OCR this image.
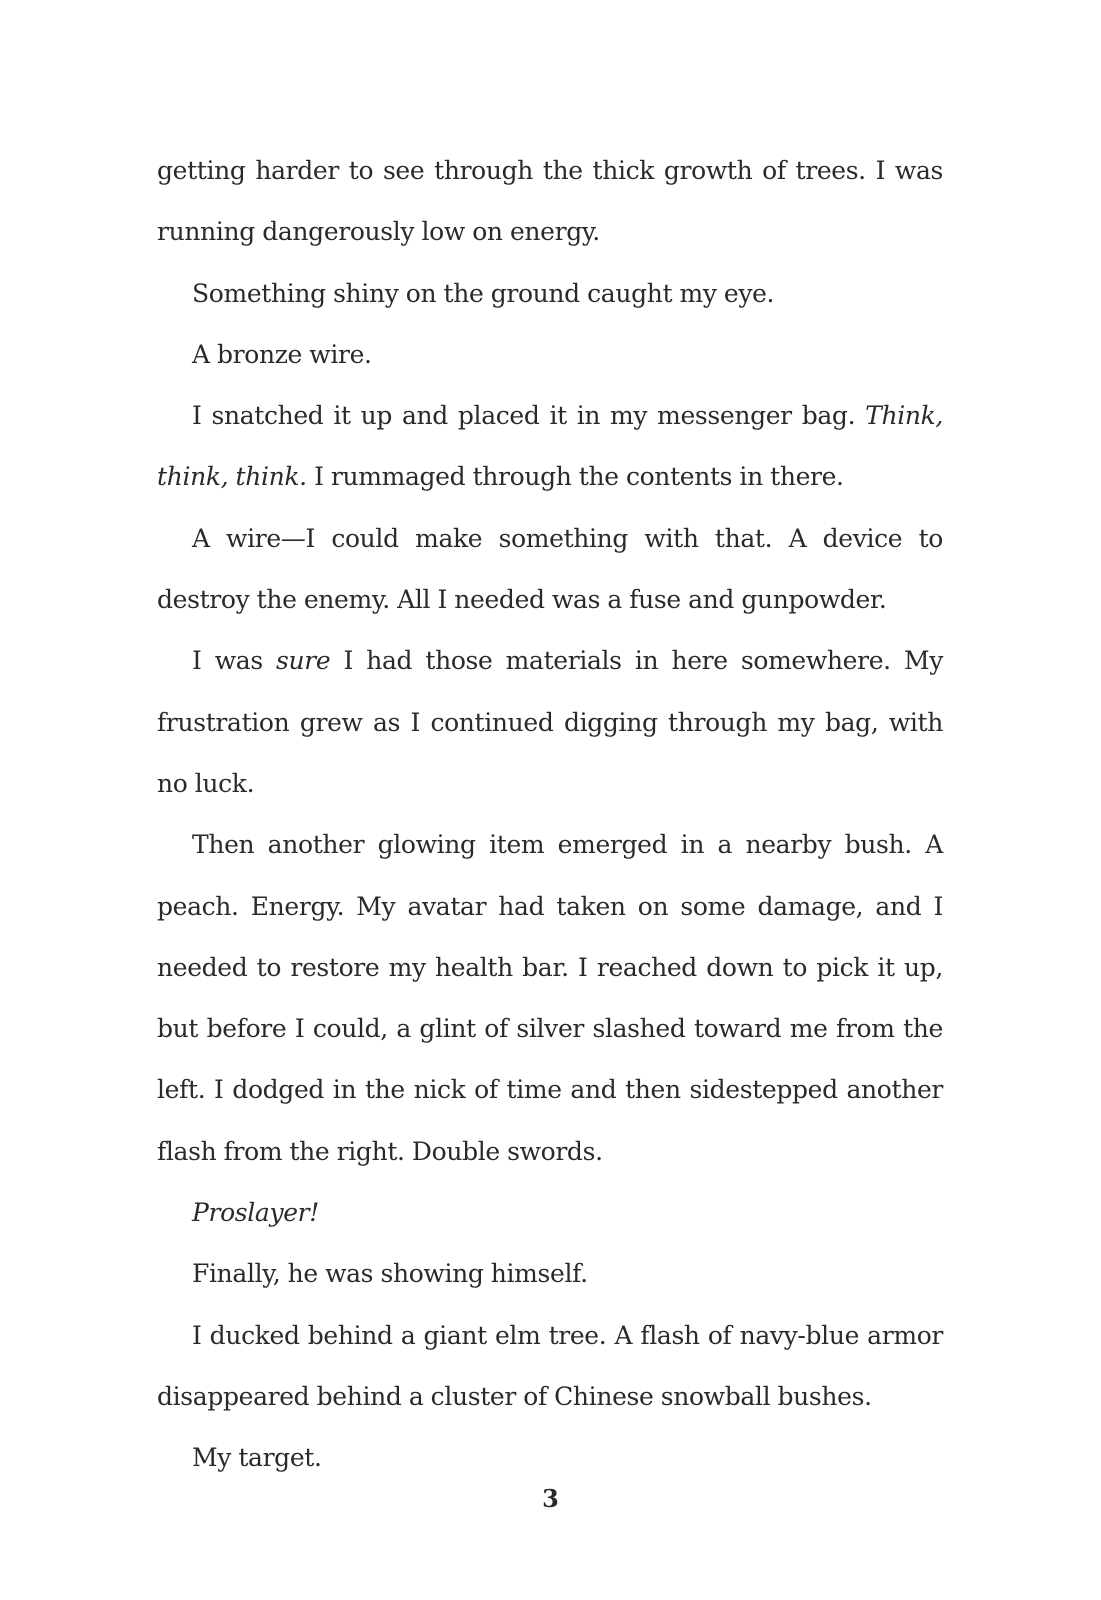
getting harder to see through the thick growth of trees. I was running dangerously low on energy.

Something shiny on the ground caught my eye.

A bronze wire.

I snatched it up and placed it in my messenger bag. Think, think, think. I rummaged through the contents in there.

A wire—I could make something with that. A device to destroy the enemy. All I needed was a fuse and gunpowder.

I was sure I had those materials in here somewhere. My frustration grew as I continued digging through my bag, with no luck.

Then another glowing item emerged in a nearby bush. A peach. Energy. My avatar had taken on some damage, and I needed to restore my health bar. I reached down to pick it up, but before I could, a glint of silver slashed toward me from the left. I dodged in the nick of time and then sidestepped another flash from the right. Double swords.

Proslayer!

Finally, he was showing himself.

I ducked behind a giant elm tree. A flash of navy-blue armor disappeared behind a cluster of Chinese snowball bushes.

My target.

3
